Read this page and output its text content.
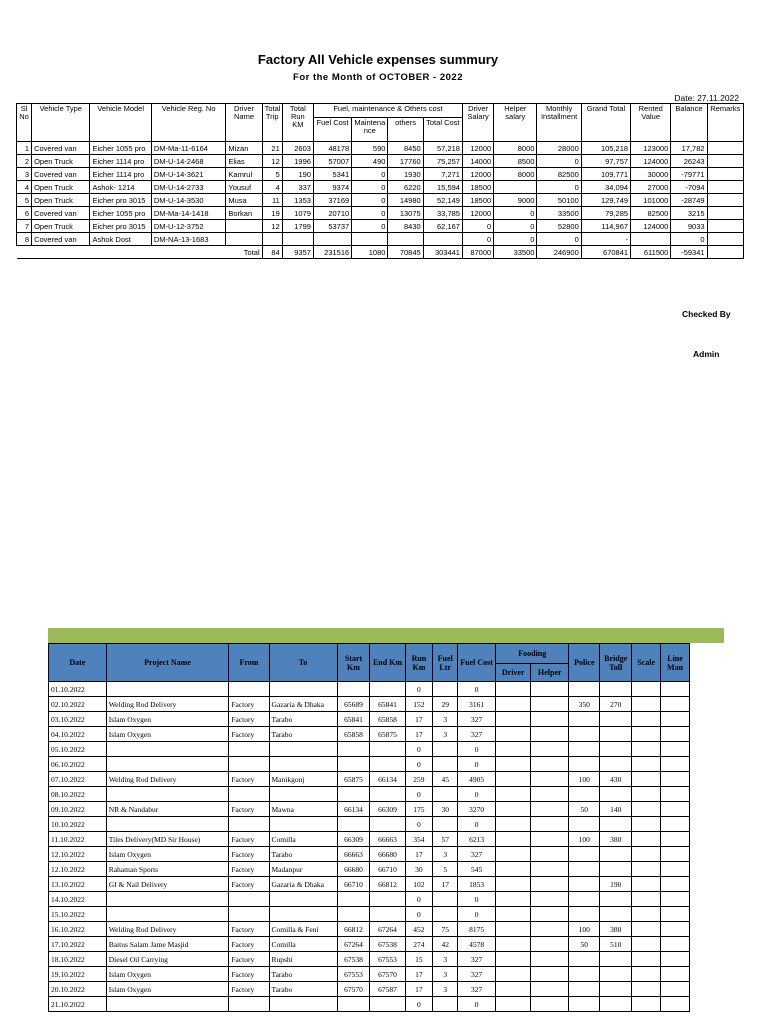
Factory All Vehicle expenses summury
For the Month of OCTOBER - 2022
Date: 27.11.2022
Sl No	Vehicle Type	Vehicle Model	Vehicle Reg. No	Driver Name	Total Trip	Total Run KM	Fuel, maintenance & Others cost				Driver Salary	Helper salary	Monthly Installment	Grand Total	Rented Value	Balance	Remarks
							Fuel Cost	Maintena nce	others	Total Cost							
1	Covered van	Eicher 1055 pro	DM-Ma-11-6164	Mizan	21	2603	48178	590	8450	57,218	12000	8000	28000	105,218	123000	17,782	
2	Open Truck	Eicher 1114 pro	DM-U-14-2468	Elias	12	1996	57007	490	17760	75,257	14000	8500	0	97,757	124000	26243	
3	Covered van	Eicher 1114 pro	DM-U-14-3621	Kamrul	5	190	5341	0	1930	7,271	12000	8000	82500	109,771	30000	-79771	
4	Open Truck	Ashok- 1214	DM-U-14-2733	Yousuf	4	337	9374	0	6220	15,594	18500		0	34,094	27000	-7094	
5	Open Truck	Eicher pro 3015	DM-U-14-3530	Musa	11	1353	37169	0	14980	52,149	18500	9000	50100	129,749	101000	-28749	
6	Covered van	Eicher 1055 pro	DM-Ma-14-1418	Borkan	19	1079	20710	0	13075	33,785	12000	0	33500	79,285	82500	3215	
7	Open Truck	Eicher pro 3015	DM-U-12-3752		12	1799	53737	0	8430	62,167	0	0	52800	114,967	124000	9033	
8	Covered van	Ashok Dost	DM-NA-13-1683								0	0	0	-		0	
				Total	84	9357	231516	1080	70845	303441	87000	33500	246900	670841	611500	-59341	
Checked By
Admin
Date	Project Name	From	To	Start Km	End Km	Run Km	Fuel Ltr	Fuel Cost	Fooding		Police	Bridge Toll	Scale	Line Man
									Driver	Helper				
01.10.2022						0		0						
02.10.2022	Welding Rod Delivery	Factory	Gazaria & Dhaka	65689	65841	152	29	3161			350	270		
03.10.2022	Islam Oxygen	Factory	Tarabo	65841	65858	17	3	327						
04.10.2022	Islam Oxygen	Factory	Tarabo	65858	65875	17	3	327						
05.10.2022						0		0						
06.10.2022						0		0						
07.10.2022	Welding Rod Delivery	Factory	Manikgonj	65875	66134	259	45	4905			100	430		
08.10.2022						0		0						
09.10.2022	NR & Nandabur	Factory	Mawna	66134	66309	175	30	3270			50	140		
10.10.2022						0		0						
11.10.2022	Tiles Delivery(MD Sir House)	Factory	Comilla	66309	66663	354	57	6213			100	380		
12.10.2022	Islam Oxygen	Factory	Tarabo	66663	66680	17	3	327						
12.10.2022	Rahaman Sports	Factory	Madanpur	66680	66710	30	5	545						
13.10.2022	GI & Nail Delivery	Factory	Gazaria & Dhaka	66710	66812	102	17	1853				190		
14.10.2022						0		0						
15.10.2022						0		0						
16.10.2022	Welding Rod Delivery	Factory	Comilla & Feni	66812	67264	452	75	8175			100	380		
17.10.2022	Baitus Salam Jame Masjid	Factory	Comilla	67264	67538	274	42	4578			50	510		
18.10.2022	Diesel Oil Carrying	Factory	Rupshi	67538	67553	15	3	327						
19.10.2022	Islam Oxygen	Factory	Tarabo	67553	67570	17	3	327						
20.10.2022	Islam Oxygen	Factory	Tarabo	67570	67587	17	3	327						
21.10.2022						0		0						
